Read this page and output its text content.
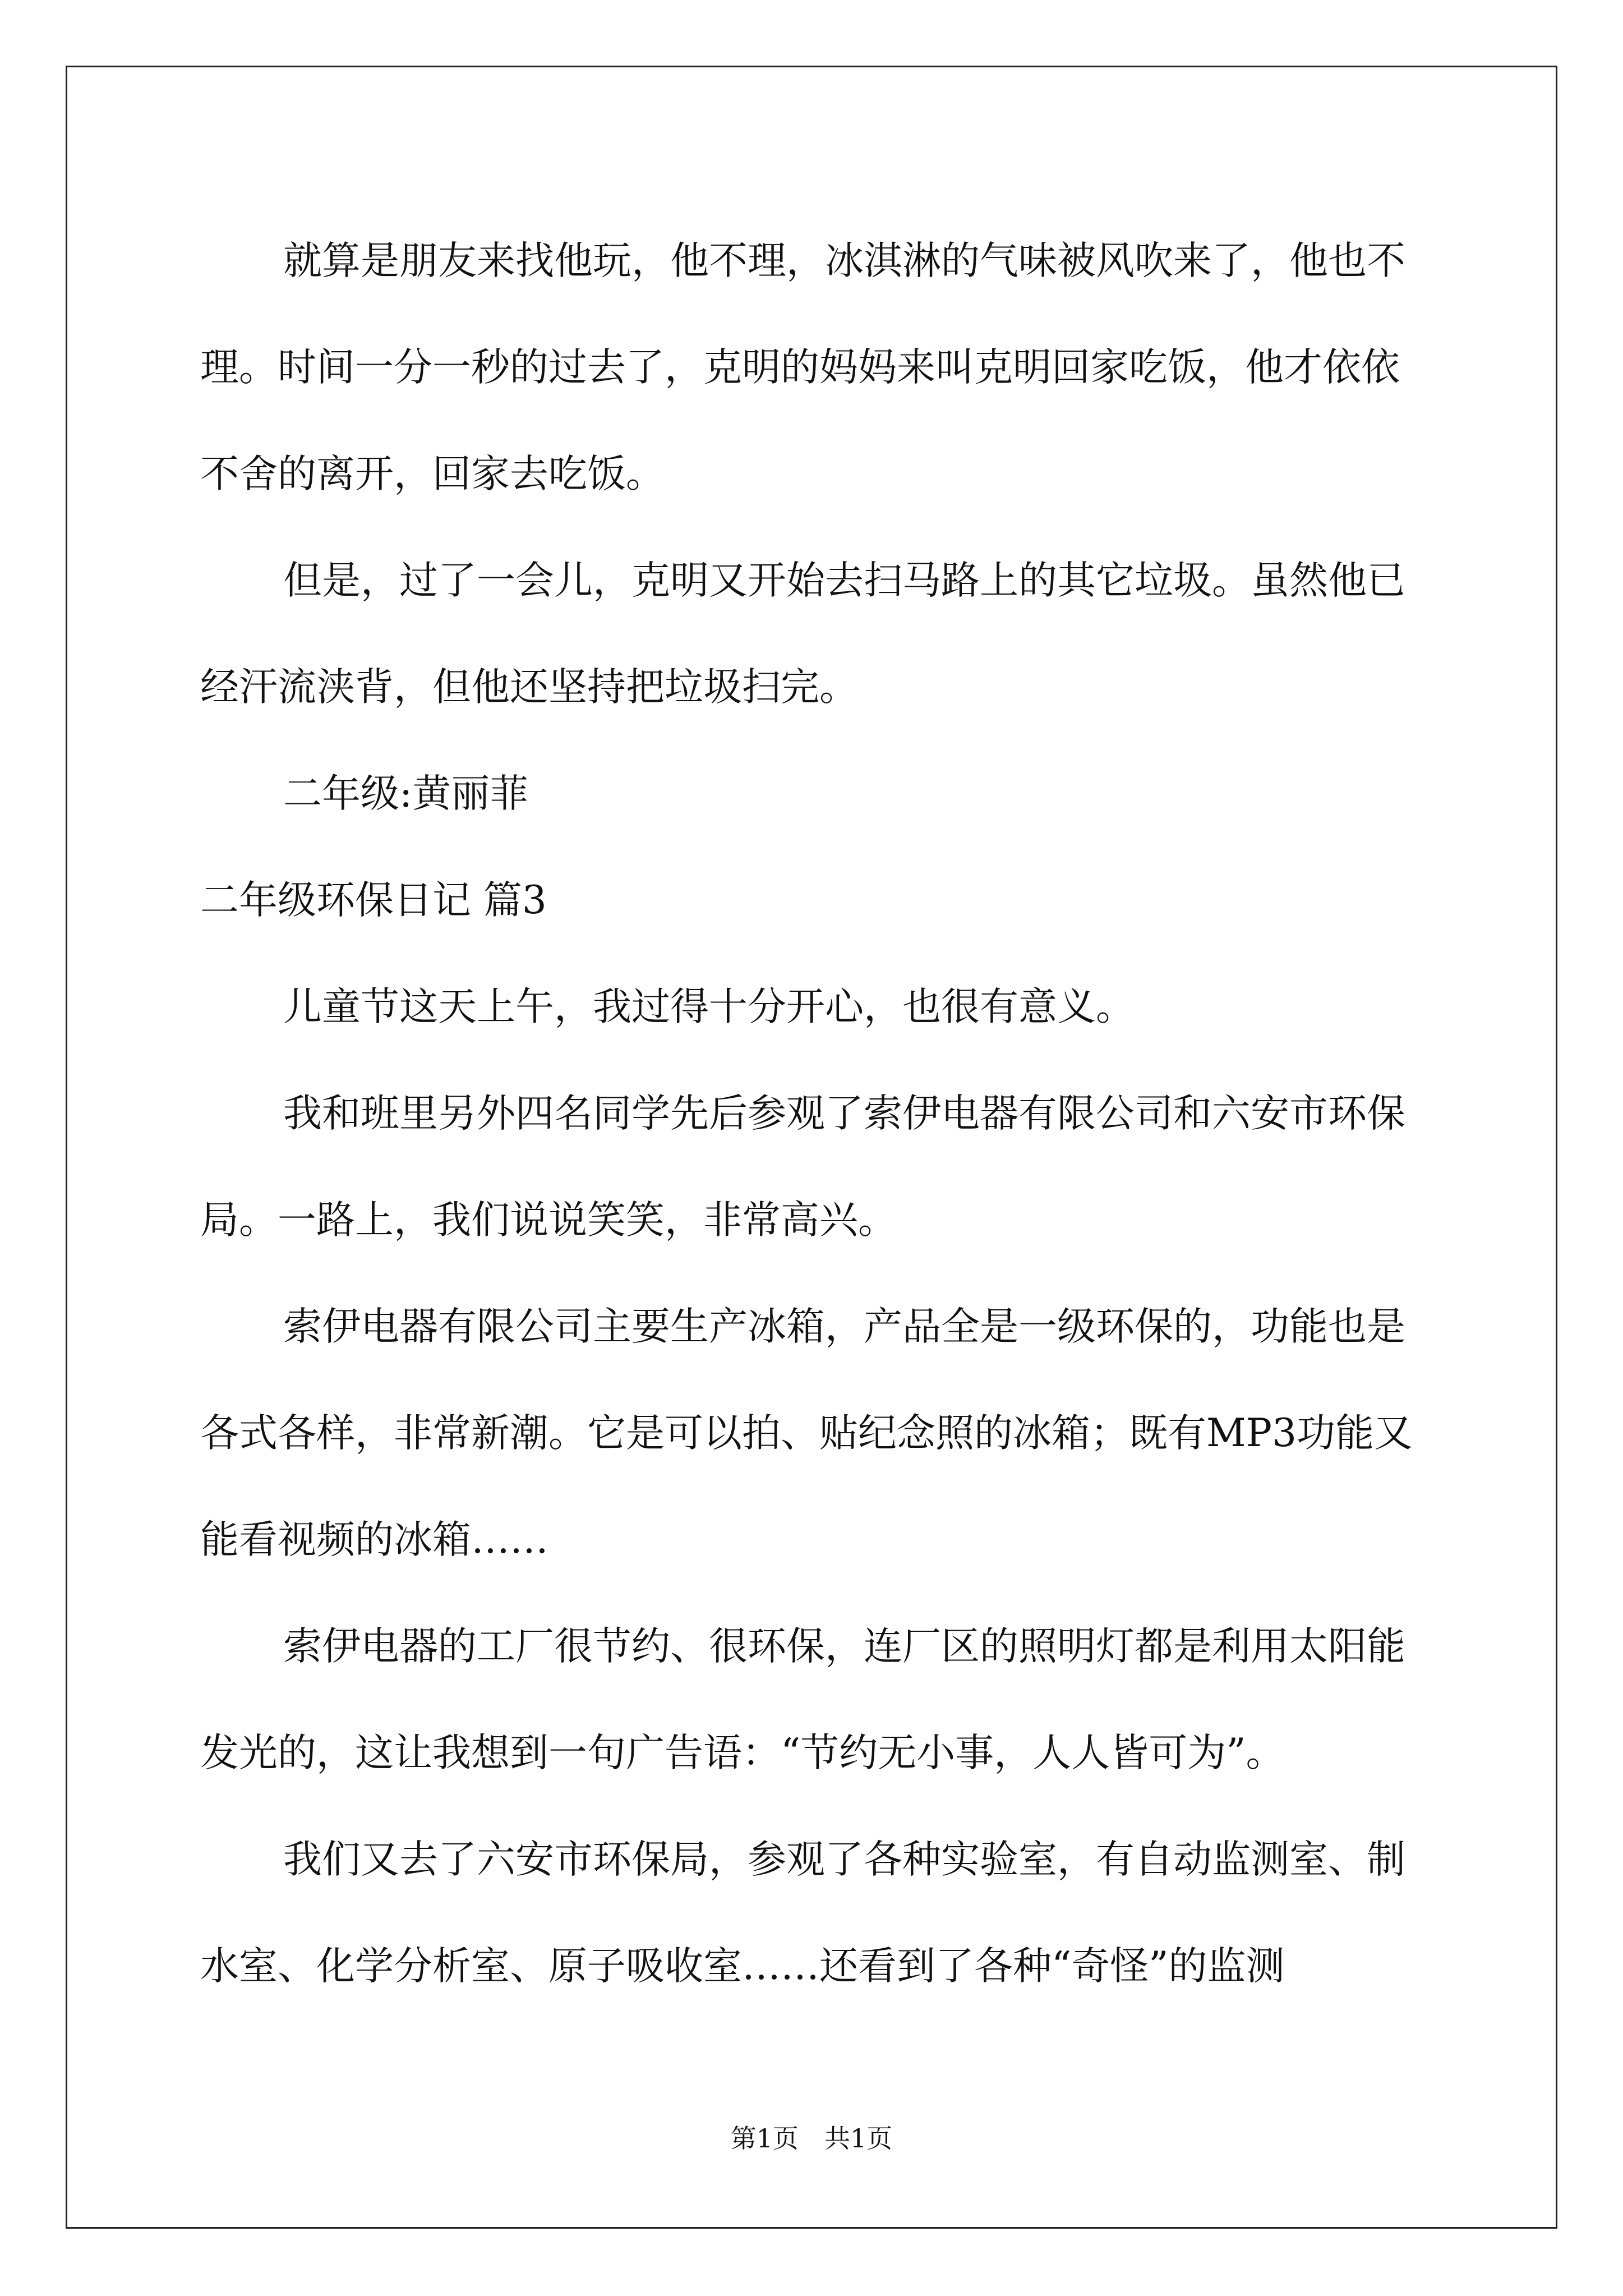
就算是朋友来找他玩，他不理，冰淇淋的气味被风吹来了，他也不理。时间一分一秒的过去了，克明的妈妈来叫克明回家吃饭，他才依依不舍的离开，回家去吃饭。

但是，过了一会儿，克明又开始去扫马路上的其它垃圾。虽然他已经汗流浃背，但他还坚持把垃圾扫完。

二年级:黄丽菲

二年级环保日记 篇3

儿童节这天上午，我过得十分开心，也很有意义。

我和班里另外四名同学先后参观了索伊电器有限公司和六安市环保局。一路上，我们说说笑笑，非常高兴。

索伊电器有限公司主要生产冰箱，产品全是一级环保的，功能也是各式各样，非常新潮。它是可以拍、贴纪念照的冰箱；既有MP3功能又能看视频的冰箱……

索伊电器的工厂很节约、很环保，连厂区的照明灯都是利用太阳能发光的，这让我想到一句广告语：“节约无小事，人人皆可为”。

我们又去了六安市环保局，参观了各种实验室，有自动监测室、制水室、化学分析室、原子吸收室……还看到了各种“奇怪”的监测

第1页　共1页
